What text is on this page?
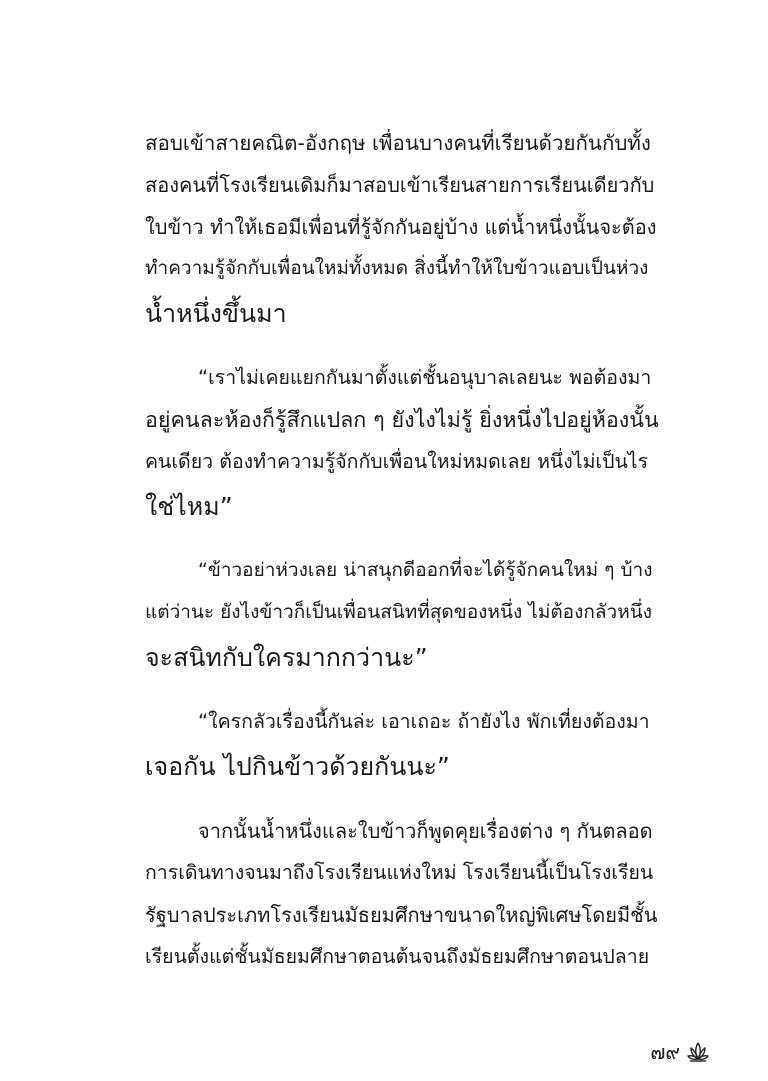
สอบเข้าสายคณิต-อังกฤษ เพื่อนบางคนที่เรียนด้วยกันกับทั้ง
สองคนที่โรงเรียนเดิมก็มาสอบเข้าเรียนสายการเรียนเดียวกับ
ใบข้าว ทำให้เธอมีเพื่อนที่รู้จักกันอยู่บ้าง แต่น้ำหนึ่งนั้นจะต้อง
ทำความรู้จักกับเพื่อนใหม่ทั้งหมด สิ่งนี้ทำให้ใบข้าวแอบเป็นห่วง
น้ำหนึ่งขึ้นมา
“เราไม่เคยแยกกันมาตั้งแต่ชั้นอนุบาลเลยนะ พอต้องมา
อยู่คนละห้องก็รู้สึกแปลก ๆ ยังไงไม่รู้ ยิ่งหนึ่งไปอยู่ห้องนั้น
คนเดียว ต้องทำความรู้จักกับเพื่อนใหม่หมดเลย หนึ่งไม่เป็นไร
ใช่ไหม”
“ข้าวอย่าห่วงเลย น่าสนุกดีออกที่จะได้รู้จักคนใหม่ ๆ บ้าง
แต่ว่านะ ยังไงข้าวก็เป็นเพื่อนสนิทที่สุดของหนึ่ง ไม่ต้องกลัวหนึ่ง
จะสนิทกับใครมากกว่านะ”
“ใครกลัวเรื่องนี้กันล่ะ เอาเถอะ ถ้ายังไง พักเที่ยงต้องมา
เจอกัน ไปกินข้าวด้วยกันนะ”
จากนั้นน้ำหนึ่งและใบข้าวก็พูดคุยเรื่องต่าง ๆ กันตลอด
การเดินทางจนมาถึงโรงเรียนแห่งใหม่ โรงเรียนนี้เป็นโรงเรียน
รัฐบาลประเภทโรงเรียนมัธยมศึกษาขนาดใหญ่พิเศษโดยมีชั้น
เรียนตั้งแต่ชั้นมัธยมศึกษาตอนต้นจนถึงมัธยมศึกษาตอนปลาย
๗๙
